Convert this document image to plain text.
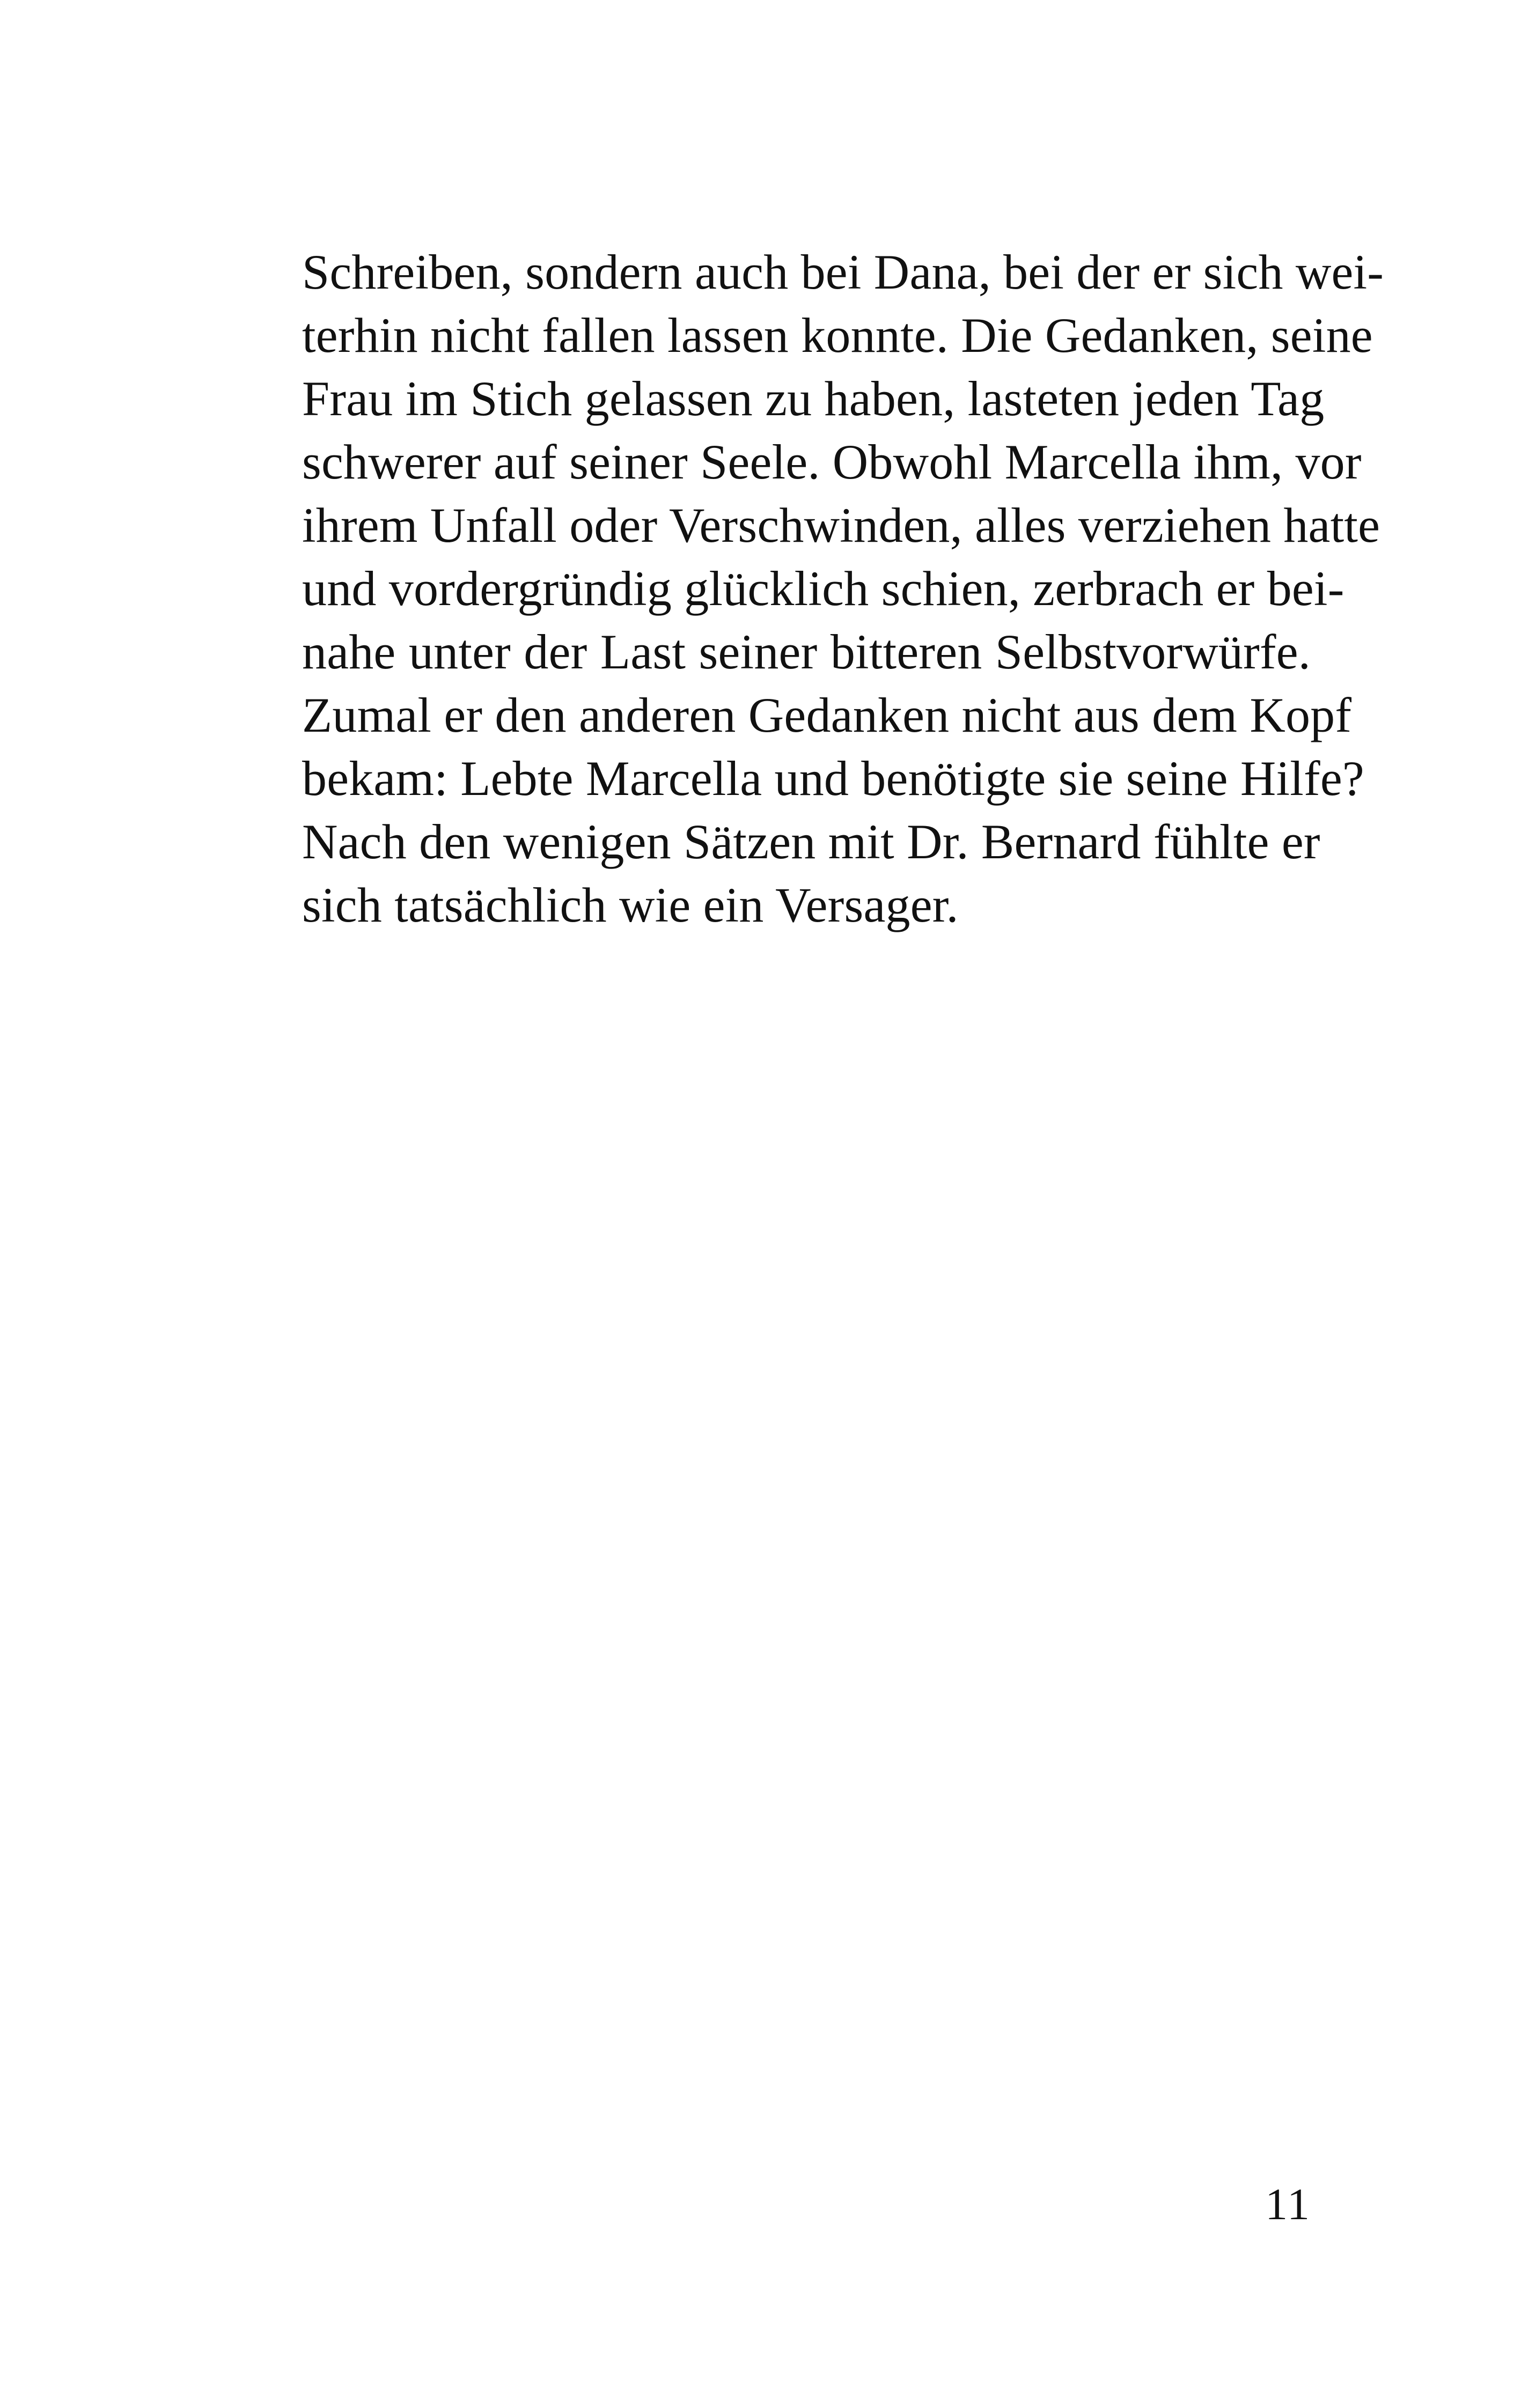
Schreiben, sondern auch bei Dana, bei der er sich wei-
terhin nicht fallen lassen konnte. Die Gedanken, seine
Frau im Stich gelassen zu haben, lasteten jeden Tag
schwerer auf seiner Seele. Obwohl Marcella ihm, vor
ihrem Unfall oder Verschwinden, alles verziehen hatte
und vordergründig glücklich schien, zerbrach er bei-
nahe unter der Last seiner bitteren Selbstvorwürfe.
Zumal er den anderen Gedanken nicht aus dem Kopf
bekam: Lebte Marcella und benötigte sie seine Hilfe?
Nach den wenigen Sätzen mit Dr. Bernard fühlte er
sich tatsächlich wie ein Versager.
11
